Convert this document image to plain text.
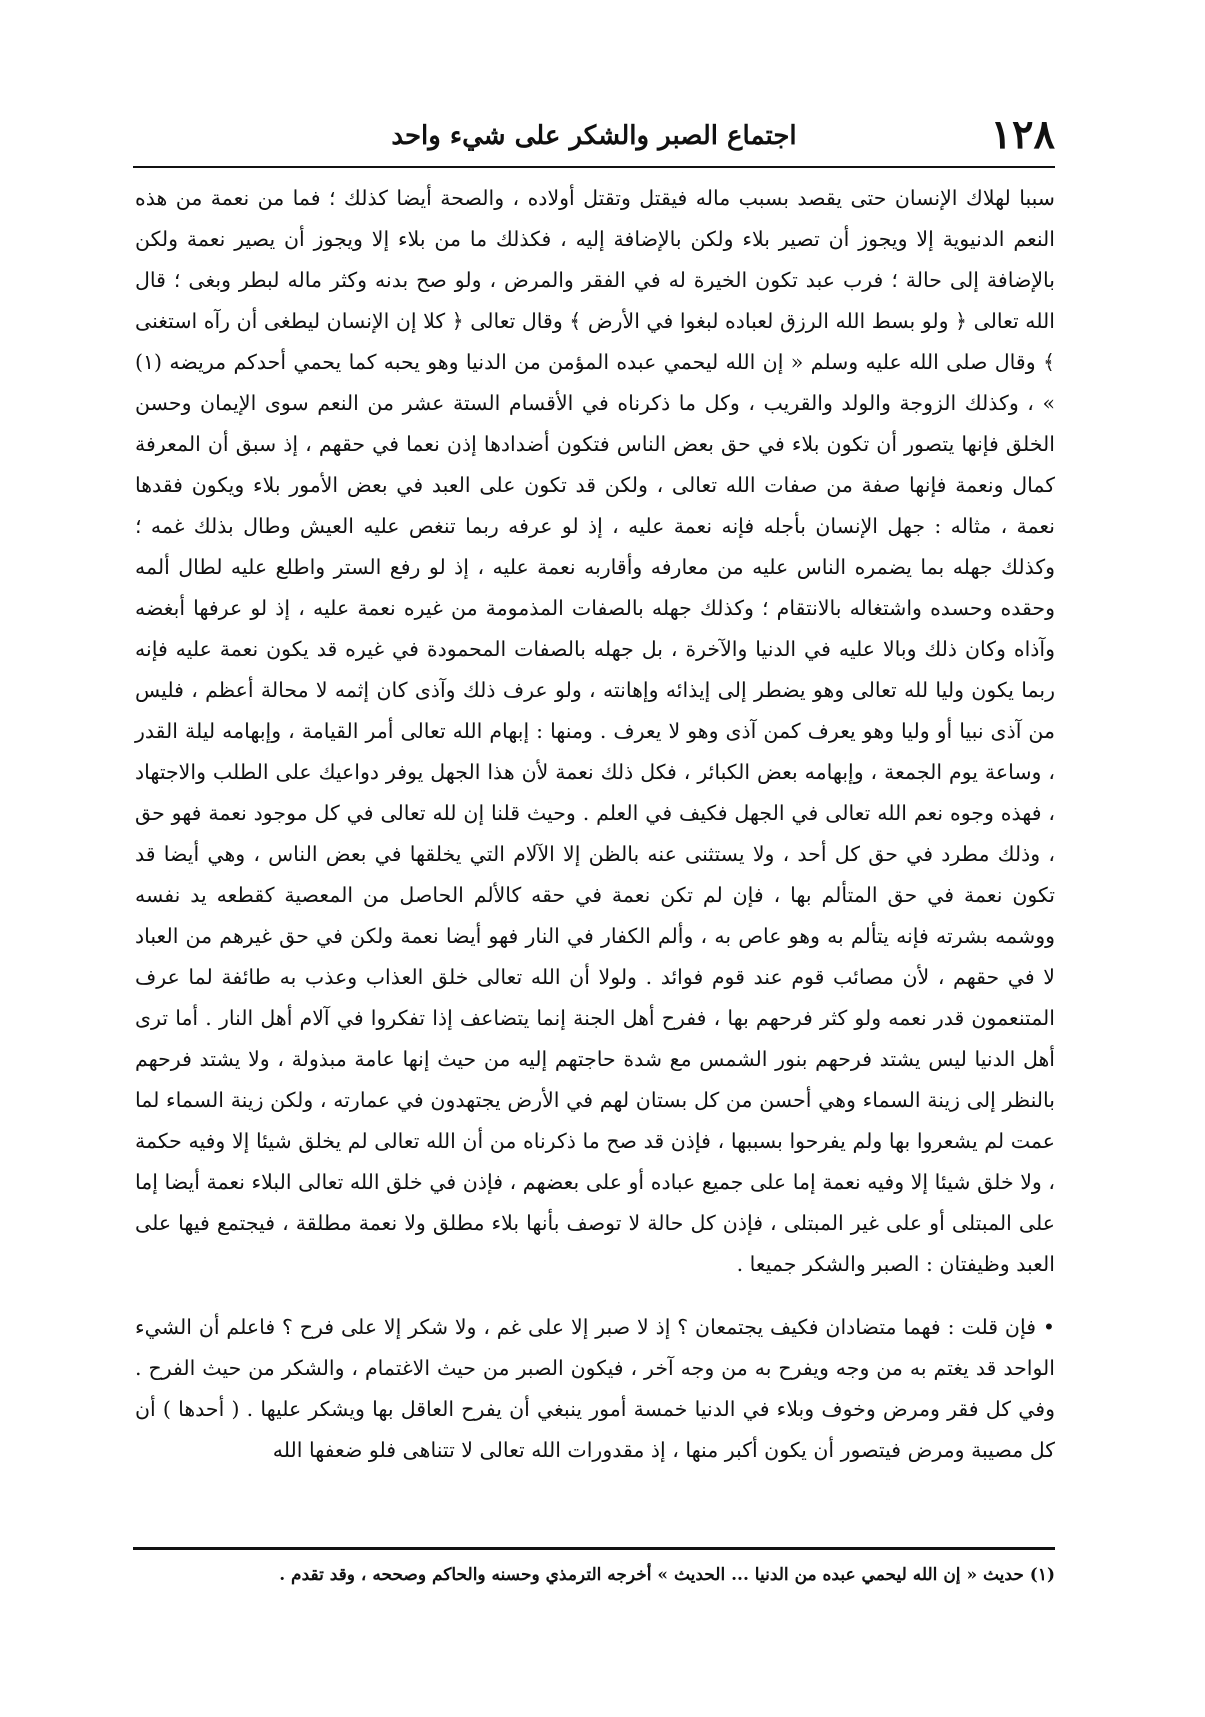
١٢٨
اجتماع الصبر والشكر على شيء واحد

سببا لهلاك الإنسان حتى يقصد بسبب ماله فيقتل وتقتل أولاده ، والصحة أيضا كذلك ؛ فما من نعمة من هذه النعم الدنيوية إلا ويجوز أن تصير بلاء ولكن بالإضافة إليه ، فكذلك ما من بلاء إلا ويجوز أن يصير نعمة ولكن بالإضافة إلى حالة ؛ فرب عبد تكون الخيرة له في الفقر والمرض ، ولو صح بدنه وكثر ماله لبطر وبغى ؛ قال الله تعالى ﴿ ولو بسط الله الرزق لعباده لبغوا في الأرض ﴾ وقال تعالى ﴿ كلا إن الإنسان ليطغى أن رآه استغنى ﴾ وقال صلى الله عليه وسلم « إن الله ليحمي عبده المؤمن من الدنيا وهو يحبه كما يحمي أحدكم مريضه (١) » ، وكذلك الزوجة والولد والقريب ، وكل ما ذكرناه في الأقسام الستة عشر من النعم سوى الإيمان وحسن الخلق فإنها يتصور أن تكون بلاء في حق بعض الناس فتكون أضدادها إذن نعما في حقهم ، إذ سبق أن المعرفة كمال ونعمة فإنها صفة من صفات الله تعالى ، ولكن قد تكون على العبد في بعض الأمور بلاء ويكون فقدها نعمة ، مثاله : جهل الإنسان بأجله فإنه نعمة عليه ، إذ لو عرفه ربما تنغص عليه العيش وطال بذلك غمه ؛ وكذلك جهله بما يضمره الناس عليه من معارفه وأقاربه نعمة عليه ، إذ لو رفع الستر واطلع عليه لطال ألمه وحقده وحسده واشتغاله بالانتقام ؛ وكذلك جهله بالصفات المذمومة من غيره نعمة عليه ، إذ لو عرفها أبغضه وآذاه وكان ذلك وبالا عليه في الدنيا والآخرة ، بل جهله بالصفات المحمودة في غيره قد يكون نعمة عليه فإنه ربما يكون وليا لله تعالى وهو يضطر إلى إيذائه وإهانته ، ولو عرف ذلك وآذى كان إثمه لا محالة أعظم ، فليس من آذى نبيا أو وليا وهو يعرف كمن آذى وهو لا يعرف . ومنها : إبهام الله تعالى أمر القيامة ، وإبهامه ليلة القدر ، وساعة يوم الجمعة ، وإبهامه بعض الكبائر ، فكل ذلك نعمة لأن هذا الجهل يوفر دواعيك على الطلب والاجتهاد ، فهذه وجوه نعم الله تعالى في الجهل فكيف في العلم . وحيث قلنا إن لله تعالى في كل موجود نعمة فهو حق ، وذلك مطرد في حق كل أحد ، ولا يستثنى عنه بالظن إلا الآلام التي يخلقها في بعض الناس ، وهي أيضا قد تكون نعمة في حق المتألم بها ، فإن لم تكن نعمة في حقه كالألم الحاصل من المعصية كقطعه يد نفسه ووشمه بشرته فإنه يتألم به وهو عاص به ، وألم الكفار في النار فهو أيضا نعمة ولكن في حق غيرهم من العباد لا في حقهم ، لأن مصائب قوم عند قوم فوائد . ولولا أن الله تعالى خلق العذاب وعذب به طائفة لما عرف المتنعمون قدر نعمه ولو كثر فرحهم بها ، ففرح أهل الجنة إنما يتضاعف إذا تفكروا في آلام أهل النار . أما ترى أهل الدنيا ليس يشتد فرحهم بنور الشمس مع شدة حاجتهم إليه من حيث إنها عامة مبذولة ، ولا يشتد فرحهم بالنظر إلى زينة السماء وهي أحسن من كل بستان لهم في الأرض يجتهدون في عمارته ، ولكن زينة السماء لما عمت لم يشعروا بها ولم يفرحوا بسببها ، فإذن قد صح ما ذكرناه من أن الله تعالى لم يخلق شيئا إلا وفيه حكمة ، ولا خلق شيئا إلا وفيه نعمة إما على جميع عباده أو على بعضهم ، فإذن في خلق الله تعالى البلاء نعمة أيضا إما على المبتلى أو على غير المبتلى ، فإذن كل حالة لا توصف بأنها بلاء مطلق ولا نعمة مطلقة ، فيجتمع فيها على العبد وظيفتان : الصبر والشكر جميعا .

• فإن قلت : فهما متضادان فكيف يجتمعان ؟ إذ لا صبر إلا على غم ، ولا شكر إلا على فرح ؟ فاعلم أن الشيء الواحد قد يغتم به من وجه ويفرح به من وجه آخر ، فيكون الصبر من حيث الاغتمام ، والشكر من حيث الفرح . وفي كل فقر ومرض وخوف وبلاء في الدنيا خمسة أمور ينبغي أن يفرح العاقل بها ويشكر عليها . ( أحدها ) أن كل مصيبة ومرض فيتصور أن يكون أكبر منها ، إذ مقدورات الله تعالى لا تتناهى فلو ضعفها الله

(١) حديث « إن الله ليحمي عبده من الدنيا ... الحديث » أخرجه الترمذي وحسنه والحاكم وصححه ، وقد تقدم .
